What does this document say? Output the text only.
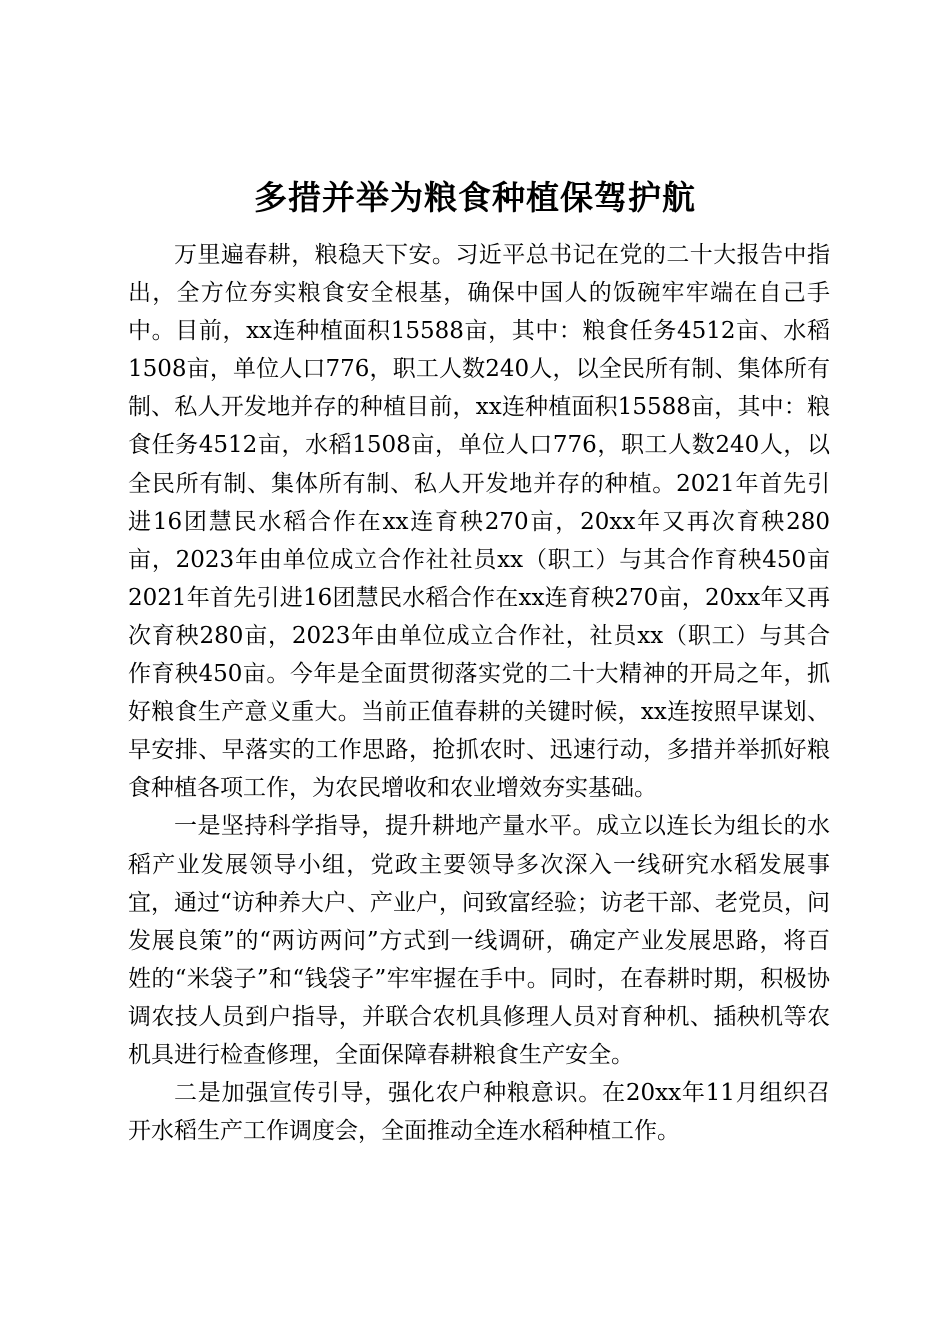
多措并举为粮食种植保驾护航

万里遍春耕，粮稳天下安。习近平总书记在党的二十大报告中指出，全方位夯实粮食安全根基，确保中国人的饭碗牢牢端在自己手中。目前，xx连种植面积15588亩，其中：粮食任务4512亩、水稻1508亩，单位人口776，职工人数240人，以全民所有制、集体所有制、私人开发地并存的种植目前，xx连种植面积15588亩，其中：粮食任务4512亩，水稻1508亩，单位人口776，职工人数240人，以全民所有制、集体所有制、私人开发地并存的种植。2021年首先引进16团慧民水稻合作在xx连育秧270亩，20xx年又再次育秧280亩，2023年由单位成立合作社社员xx（职工）与其合作育秧450亩2021年首先引进16团慧民水稻合作在xx连育秧270亩，20xx年又再次育秧280亩，2023年由单位成立合作社，社员xx（职工）与其合作育秧450亩。今年是全面贯彻落实党的二十大精神的开局之年，抓好粮食生产意义重大。当前正值春耕的关键时候，xx连按照早谋划、早安排、早落实的工作思路，抢抓农时、迅速行动，多措并举抓好粮食种植各项工作，为农民增收和农业增效夯实基础。

一是坚持科学指导，提升耕地产量水平。成立以连长为组长的水稻产业发展领导小组，党政主要领导多次深入一线研究水稻发展事宜，通过“访种养大户、产业户，问致富经验；访老干部、老党员，问发展良策”的“两访两问”方式到一线调研，确定产业发展思路，将百姓的“米袋子”和“钱袋子”牢牢握在手中。同时，在春耕时期，积极协调农技人员到户指导，并联合农机具修理人员对育种机、插秧机等农机具进行检查修理，全面保障春耕粮食生产安全。

二是加强宣传引导，强化农户种粮意识。在20xx年11月组织召开水稻生产工作调度会，全面推动全连水稻种植工作。
